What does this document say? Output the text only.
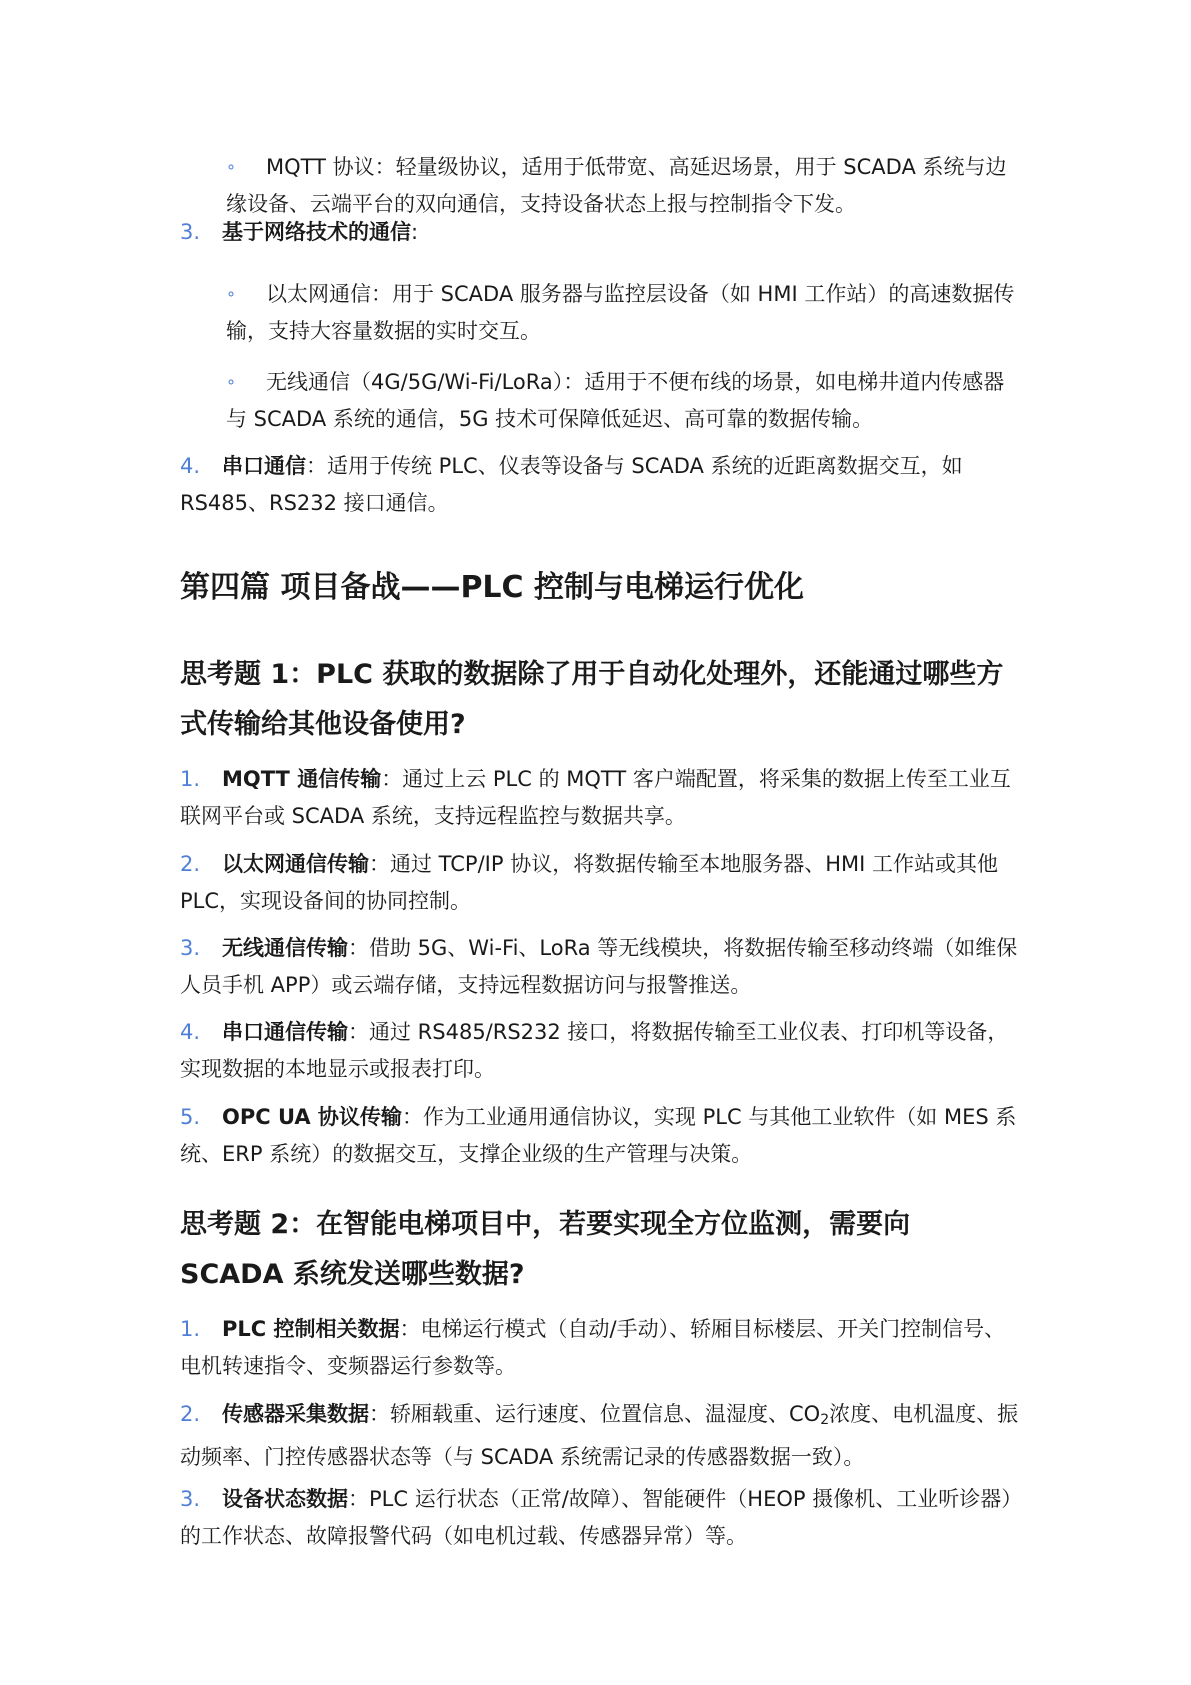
∘ MQTT 协议：轻量级协议，适用于低带宽、高延迟场景，用于 SCADA 系统与边缘设备、云端平台的双向通信，支持设备状态上报与控制指令下发。
3. 基于网络技术的通信:
∘ 以太网通信：用于 SCADA 服务器与监控层设备（如 HMI 工作站）的高速数据传输，支持大容量数据的实时交互。
∘ 无线通信（4G/5G/Wi-Fi/LoRa）：适用于不便布线的场景，如电梯井道内传感器与 SCADA 系统的通信，5G 技术可保障低延迟、高可靠的数据传输。
4. 串口通信：适用于传统 PLC、仪表等设备与 SCADA 系统的近距离数据交互，如 RS485、RS232 接口通信。
第四篇 项目备战——PLC 控制与电梯运行优化
思考题 1：PLC 获取的数据除了用于自动化处理外，还能通过哪些方式传输给其他设备使用?
1. MQTT 通信传输：通过上云 PLC 的 MQTT 客户端配置，将采集的数据上传至工业互联网平台或 SCADA 系统，支持远程监控与数据共享。
2. 以太网通信传输：通过 TCP/IP 协议，将数据传输至本地服务器、HMI 工作站或其他 PLC，实现设备间的协同控制。
3. 无线通信传输：借助 5G、Wi-Fi、LoRa 等无线模块，将数据传输至移动终端（如维保人员手机 APP）或云端存储，支持远程数据访问与报警推送。
4. 串口通信传输：通过 RS485/RS232 接口，将数据传输至工业仪表、打印机等设备，实现数据的本地显示或报表打印。
5. OPC UA 协议传输：作为工业通用通信协议，实现 PLC 与其他工业软件（如 MES 系统、ERP 系统）的数据交互，支撑企业级的生产管理与决策。
思考题 2：在智能电梯项目中，若要实现全方位监测，需要向 SCADA 系统发送哪些数据?
1. PLC 控制相关数据：电梯运行模式（自动/手动）、轿厢目标楼层、开关门控制信号、电机转速指令、变频器运行参数等。
2. 传感器采集数据：轿厢载重、运行速度、位置信息、温湿度、$CO_2$浓度、电机温度、振动频率、门控传感器状态等（与 SCADA 系统需记录的传感器数据一致）。
3. 设备状态数据：PLC 运行状态（正常/故障）、智能硬件（HEOP 摄像机、工业听诊器）的工作状态、故障报警代码（如电机过载、传感器异常）等。
